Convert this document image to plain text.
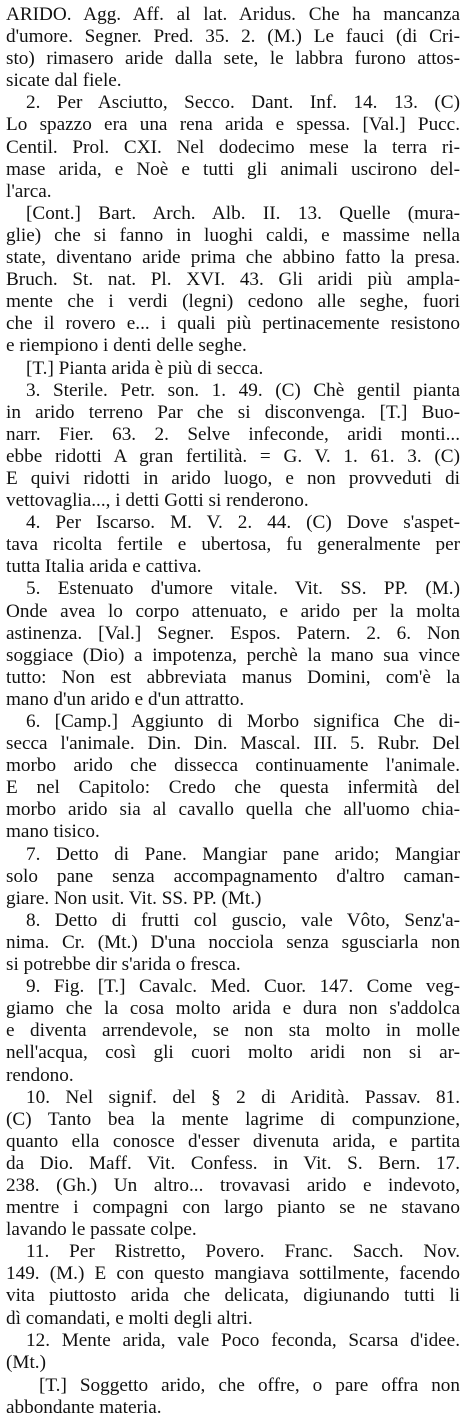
ARIDO. Agg. Aff. al lat. Aridus. Che ha mancanza
d'umore. Segner. Pred. 35. 2. (M.) Le fauci (di Cri-
sto) rimasero aride dalla sete, le labbra furono attos-
sicate dal fiele.
2. Per Asciutto, Secco. Dant. Inf. 14. 13. (C)
Lo spazzo era una rena arida e spessa. [Val.] Pucc.
Centil. Prol. CXI. Nel dodecimo mese la terra ri-
mase arida, e Noè e tutti gli animali uscirono del-
l'arca.
[Cont.] Bart. Arch. Alb. II. 13. Quelle (mura-
glie) che si fanno in luoghi caldi, e massime nella
state, diventano aride prima che abbino fatto la presa.
Bruch. St. nat. Pl. XVI. 43. Gli aridi più ampla-
mente che i verdi (legni) cedono alle seghe, fuori
che il rovero e... i quali più pertinacemente resistono
e riempiono i denti delle seghe.
[T.] Pianta arida è più di secca.
3. Sterile. Petr. son. 1. 49. (C) Chè gentil pianta
in arido terreno Par che si disconvenga. [T.] Buo-
narr. Fier. 63. 2. Selve infeconde, aridi monti...
ebbe ridotti A gran fertilità. = G. V. 1. 61. 3. (C)
E quivi ridotti in arido luogo, e non provveduti di
vettovaglia..., i detti Gotti si renderono.
4. Per Iscarso. M. V. 2. 44. (C) Dove s'aspet-
tava ricolta fertile e ubertosa, fu generalmente per
tutta Italia arida e cattiva.
5. Estenuato d'umore vitale. Vit. SS. PP. (M.)
Onde avea lo corpo attenuato, e arido per la molta
astinenza. [Val.] Segner. Espos. Patern. 2. 6. Non
soggiace (Dio) a impotenza, perchè la mano sua vince
tutto: Non est abbreviata manus Domini, com'è la
mano d'un arido e d'un attratto.
6. [Camp.] Aggiunto di Morbo significa Che di-
secca l'animale. Din. Din. Mascal. III. 5. Rubr. Del
morbo arido che dissecca continuamente l'animale.
E nel Capitolo: Credo che questa infermità del
morbo arido sia al cavallo quella che all'uomo chia-
mano tisico.
7. Detto di Pane. Mangiar pane arido; Mangiar
solo pane senza accompagnamento d'altro caman-
giare. Non usit. Vit. SS. PP. (Mt.)
8. Detto di frutti col guscio, vale Vôto, Senz'a-
nima. Cr. (Mt.) D'una nocciola senza sgusciarla non
si potrebbe dir s'arida o fresca.
9. Fig. [T.] Cavalc. Med. Cuor. 147. Come veg-
giamo che la cosa molto arida e dura non s'addolca
e diventa arrendevole, se non sta molto in molle
nell'acqua, così gli cuori molto aridi non si ar-
rendono.
10. Nel signif. del § 2 di Aridità. Passav. 81.
(C) Tanto bea la mente lagrime di compunzione,
quanto ella conosce d'esser divenuta arida, e partita
da Dio. Maff. Vit. Confess. in Vit. S. Bern. 17.
238. (Gh.) Un altro... trovavasi arido e indevoto,
mentre i compagni con largo pianto se ne stavano
lavando le passate colpe.
11. Per Ristretto, Povero. Franc. Sacch. Nov.
149. (M.) E con questo mangiava sottilmente, facendo
vita piuttosto arida che delicata, digiunando tutti li
dì comandati, e molti degli altri.
12. Mente arida, vale Poco feconda, Scarsa d'idee.
(Mt.)
[T.] Soggetto arido, che offre, o pare offra non
abbondante materia.
